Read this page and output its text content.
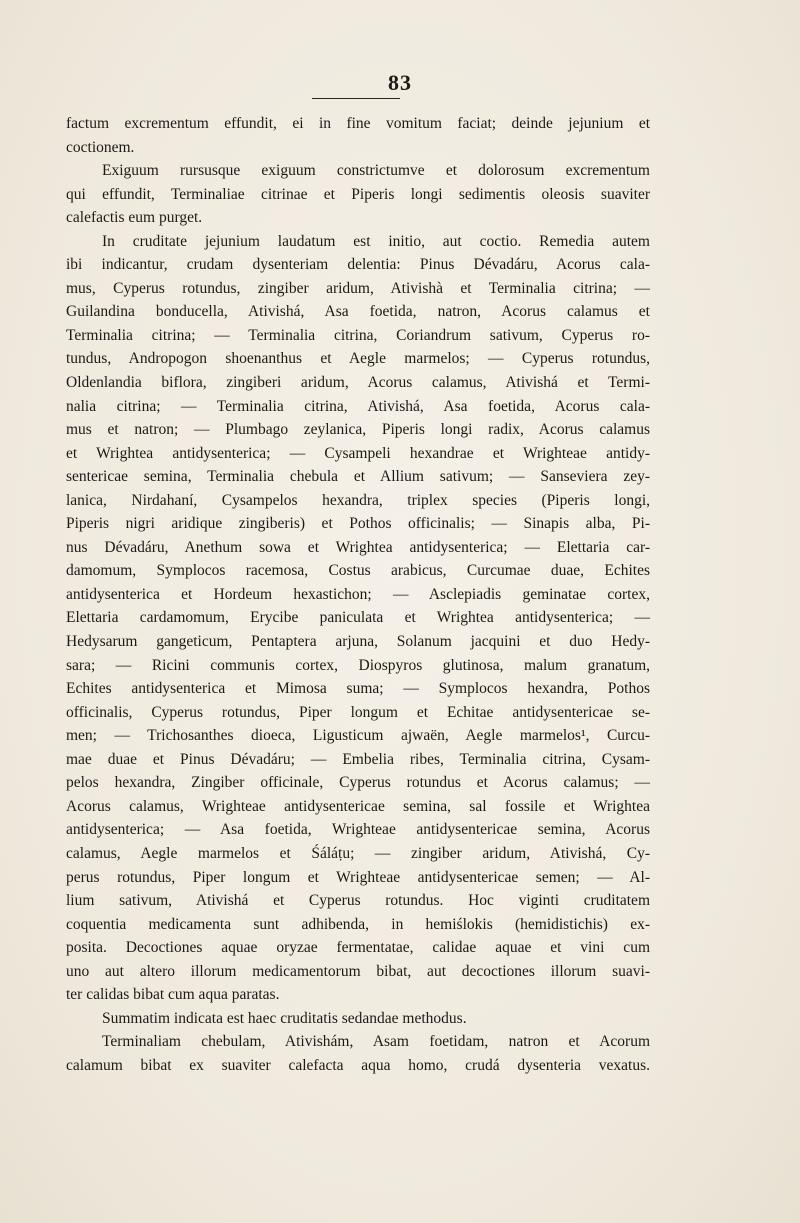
83
factum excrementum effundit, ei in fine vomitum faciat; deinde jejunium et
coctionem.
Exiguum rursusque exiguum constrictumve et dolorosum excrementum
qui effundit, Terminaliae citrinae et Piperis longi sedimentis oleosis suaviter
calefactis eum purget.
In cruditate jejunium laudatum est initio, aut coctio. Remedia autem
ibi indicantur, crudam dysenteriam delentia: Pinus Dévadáru, Acorus cala-
mus, Cyperus rotundus, zingiber aridum, Ativishà et Terminalia citrina; —
Guilandina bonducella, Ativishá, Asa foetida, natron, Acorus calamus et
Terminalia citrina; — Terminalia citrina, Coriandrum sativum, Cyperus ro-
tundus, Andropogon shoenanthus et Aegle marmelos; — Cyperus rotundus,
Oldenlandia biflora, zingiberi aridum, Acorus calamus, Ativishá et Termi-
nalia citrina; — Terminalia citrina, Ativishá, Asa foetida, Acorus cala-
mus et natron; — Plumbago zeylanica, Piperis longi radix, Acorus calamus
et Wrightea antidysenterica; — Cysampeli hexandrae et Wrighteae antidy-
sentericae semina, Terminalia chebula et Allium sativum; — Sanseviera zey-
lanica, Nirdahaní, Cysampelos hexandra, triplex species (Piperis longi,
Piperis nigri aridique zingiberis) et Pothos officinalis; — Sinapis alba, Pi-
nus Dévadáru, Anethum sowa et Wrightea antidysenterica; — Elettaria car-
damomum, Symplocos racemosa, Costus arabicus, Curcumae duae, Echites
antidysenterica et Hordeum hexastichon; — Asclepiadis geminatae cortex,
Elettaria cardamomum, Erycibe paniculata et Wrightea antidysenterica; —
Hedysarum gangeticum, Pentaptera arjuna, Solanum jacquini et duo Hedy-
sara; — Ricini communis cortex, Diospyros glutinosa, malum granatum,
Echites antidysenterica et Mimosa suma; — Symplocos hexandra, Pothos
officinalis, Cyperus rotundus, Piper longum et Echitae antidysentericae se-
men; — Trichosanthes dioeca, Ligusticum ajwaën, Aegle marmelos¹, Curcu-
mae duae et Pinus Dévadáru; — Embelia ribes, Terminalia citrina, Cysam-
pelos hexandra, Zingiber officinale, Cyperus rotundus et Acorus calamus; —
Acorus calamus, Wrighteae antidysentericae semina, sal fossile et Wrightea
antidysenterica; — Asa foetida, Wrighteae antidysentericae semina, Acorus
calamus, Aegle marmelos et Śáláṭu; — zingiber aridum, Ativishá, Cy-
perus rotundus, Piper longum et Wrighteae antidysentericae semen; — Al-
lium sativum, Ativishá et Cyperus rotundus. Hoc viginti cruditatem
coquentia medicamenta sunt adhibenda, in hemiślokis (hemidistichis) ex-
posita. Decoctiones aquae oryzae fermentatae, calidae aquae et vini cum
uno aut altero illorum medicamentorum bibat, aut decoctiones illorum suavi-
ter calidas bibat cum aqua paratas.
Summatim indicata est haec cruditatis sedandae methodus.
Terminaliam chebulam, Ativishám, Asam foetidam, natron et Acorum
calamum bibat ex suaviter calefacta aqua homo, crudá dysenteria vexatus.
